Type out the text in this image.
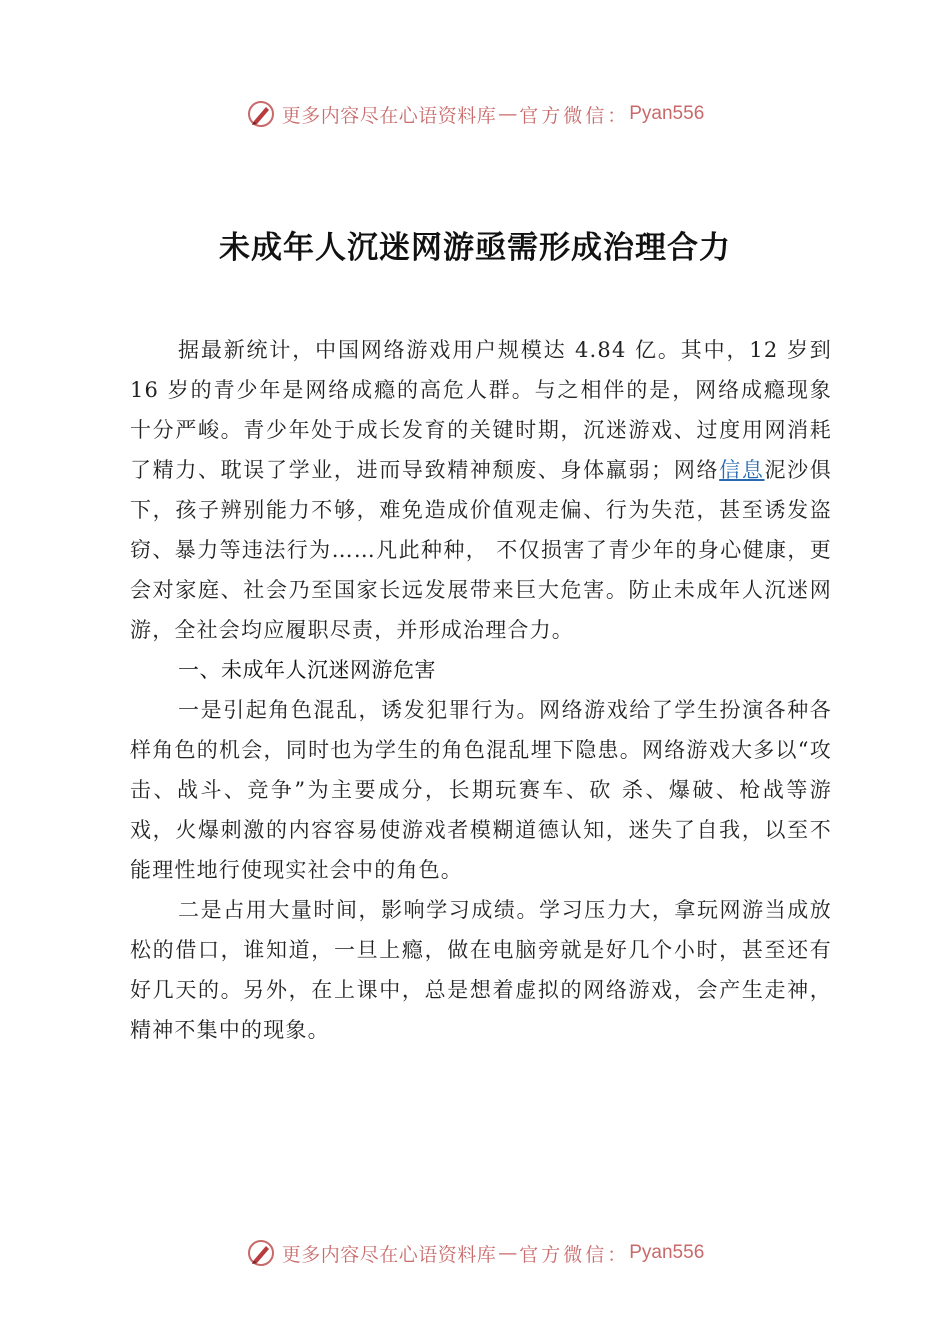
更多内容尽在心语资料库 — 官方微信： Pyan556
未成年人沉迷网游亟需形成治理合力

据最新统计，中国网络游戏用户规模达 4.84 亿。其中，12 岁到 16 岁的青少年是网络成瘾的高危人群。与之相伴的是，网络成瘾现象十分严峻。青少年处于成长发育的关键时期，沉迷游戏、过度用网消耗了精力、耽误了学业，进而导致精神颓废、身体羸弱；网络信息泥沙俱下，孩子辨别能力不够，难免造成价值观走偏、行为失范，甚至诱发盗窃、暴力等违法行为……凡此种种， 不仅损害了青少年的身心健康，更会对家庭、社会乃至国家长远发展带来巨大危害。防止未成年人沉迷网游，全社会均应履职尽责，并形成治理合力。

一、未成年人沉迷网游危害

一是引起角色混乱，诱发犯罪行为。网络游戏给了学生扮演各种各样角色的机会，同时也为学生的角色混乱埋下隐患。网络游戏大多以“攻击、战斗、竞争”为主要成分，长期玩赛车、砍 杀、爆破、枪战等游戏，火爆刺激的内容容易使游戏者模糊道德认知，迷失了自我，以至不能理性地行使现实社会中的角色。

二是占用大量时间，影响学习成绩。学习压力大，拿玩网游当成放松的借口，谁知道，一旦上瘾，做在电脑旁就是好几个小时，甚至还有好几天的。另外，在上课中，总是想着虚拟的网络游戏，会产生走神，精神不集中的现象。

更多内容尽在心语资料库 — 官方微信： Pyan556
